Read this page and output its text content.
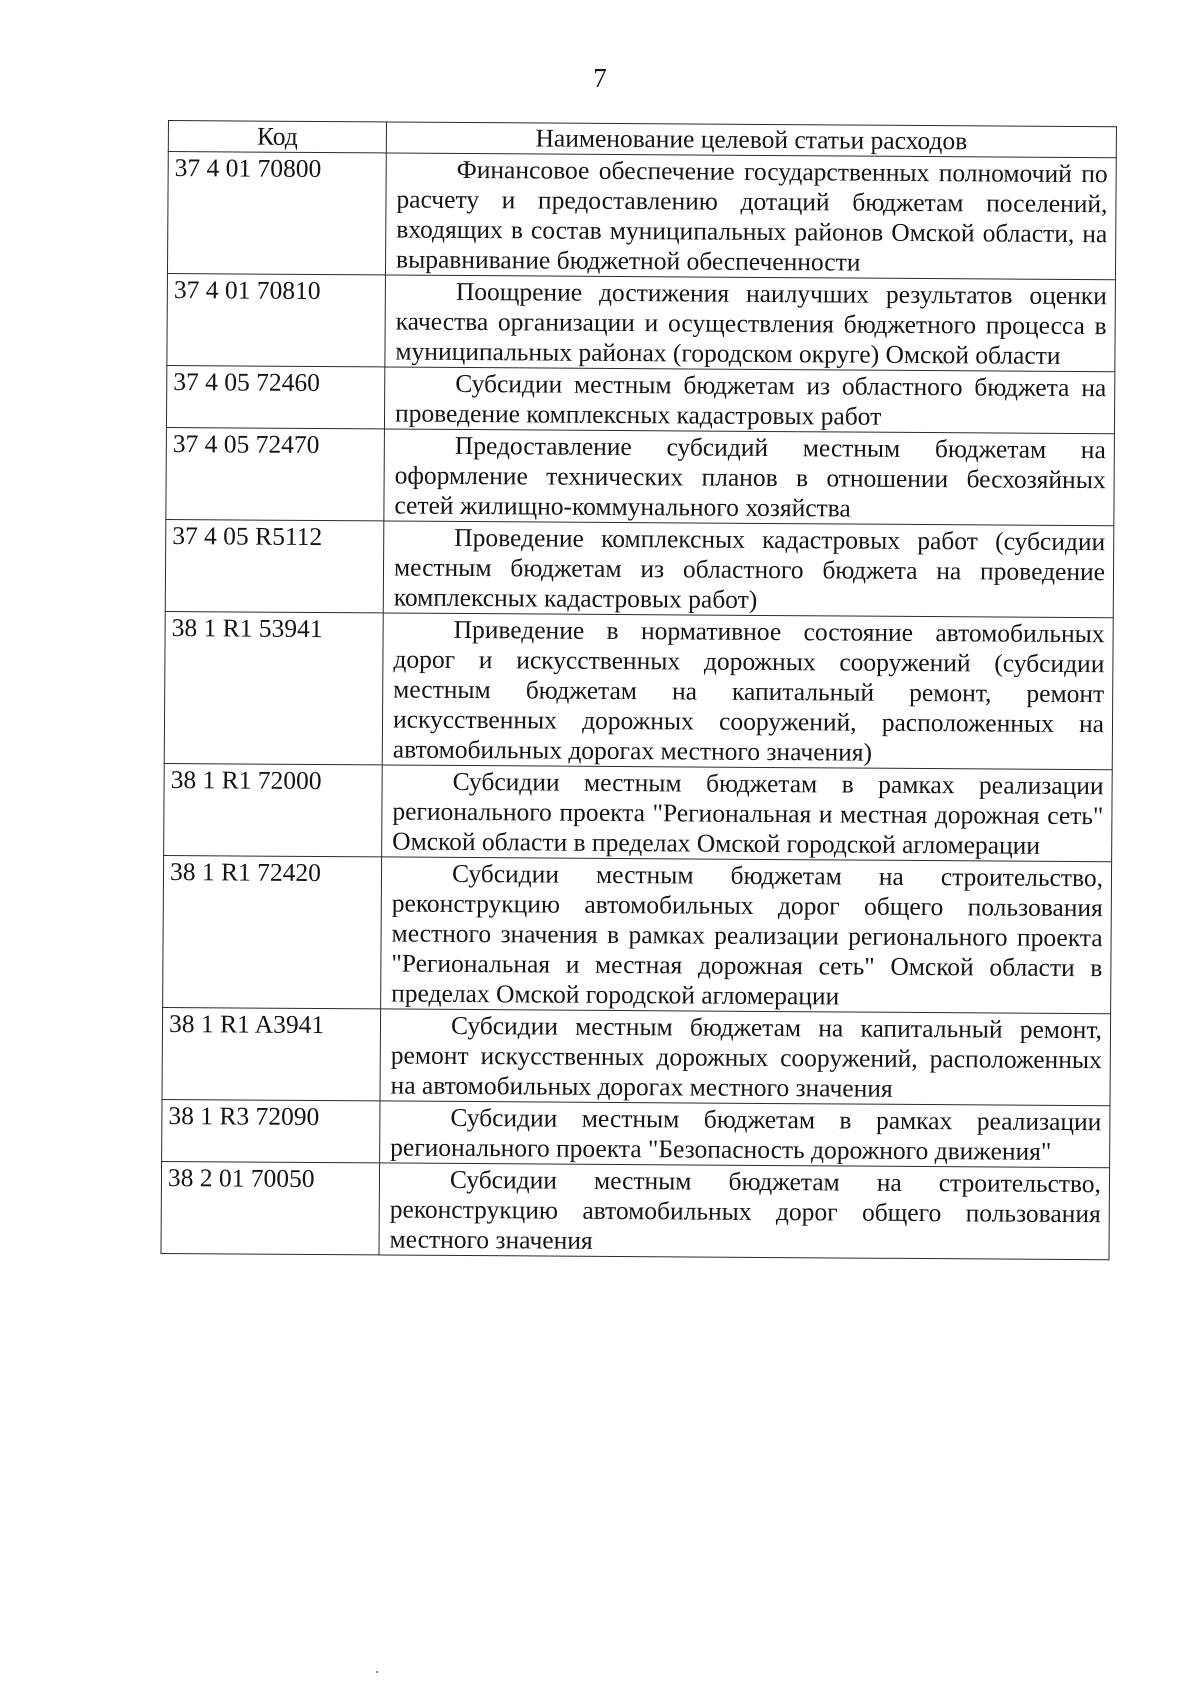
7
Код	Наименование целевой статьи расходов
37 4 01 70800	Финансовое обеспечение государственных полномочий по расчету и предоставлению дотаций бюджетам поселений, входящих в состав муниципальных районов Омской области, на выравнивание бюджетной обеспеченности
37 4 01 70810	Поощрение достижения наилучших результатов оценки качества организации и осуществления бюджетного процесса в муниципальных районах (городском округе) Омской области
37 4 05 72460	Субсидии местным бюджетам из областного бюджета на проведение комплексных кадастровых работ
37 4 05 72470	Предоставление субсидий местным бюджетам на оформление технических планов в отношении бесхозяйных сетей жилищно-коммунального хозяйства
37 4 05 R5112	Проведение комплексных кадастровых работ (субсидии местным бюджетам из областного бюджета на проведение комплексных кадастровых работ)
38 1 R1 53941	Приведение в нормативное состояние автомобильных дорог и искусственных дорожных сооружений (субсидии местным бюджетам на капитальный ремонт, ремонт искусственных дорожных сооружений, расположенных на автомобильных дорогах местного значения)
38 1 R1 72000	Субсидии местным бюджетам в рамках реализации регионального проекта "Региональная и местная дорожная сеть" Омской области в пределах Омской городской агломерации
38 1 R1 72420	Субсидии местным бюджетам на строительство, реконструкцию автомобильных дорог общего пользования местного значения в рамках реализации регионального проекта "Региональная и местная дорожная сеть" Омской области в пределах Омской городской агломерации
38 1 R1 A3941	Субсидии местным бюджетам на капитальный ремонт, ремонт искусственных дорожных сооружений, расположенных на автомобильных дорогах местного значения
38 1 R3 72090	Субсидии местным бюджетам в рамках реализации регионального проекта "Безопасность дорожного движения"
38 2 01 70050	Субсидии местным бюджетам на строительство, реконструкцию автомобильных дорог общего пользования местного значения
